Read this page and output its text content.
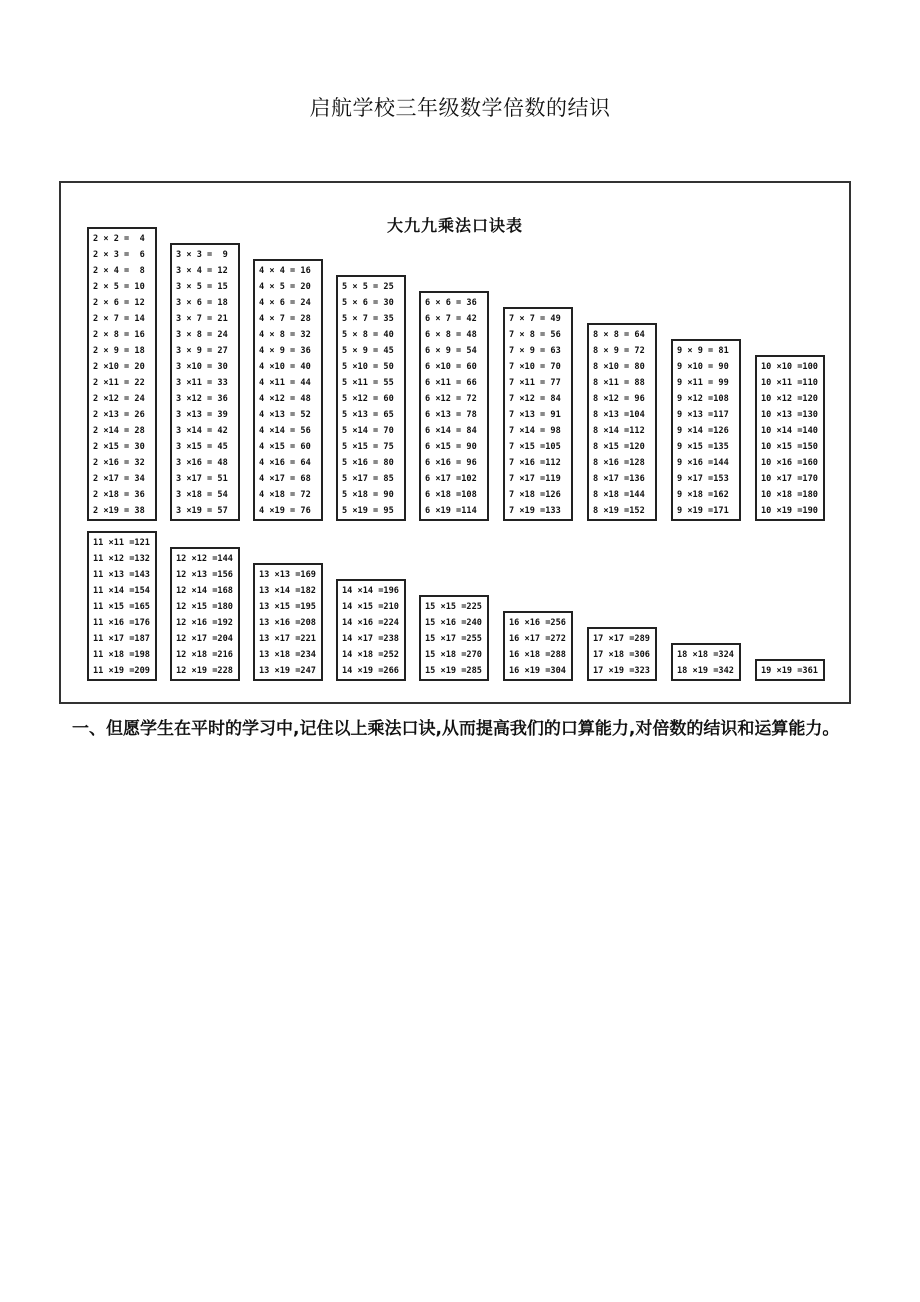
启航学校三年级数学倍数的结识
大九九乘法口诀表
2 × 2 =  4
2 × 3 =  6
2 × 4 =  8
2 × 5 = 10
2 × 6 = 12
2 × 7 = 14
2 × 8 = 16
2 × 9 = 18
2 ×10 = 20
2 ×11 = 22
2 ×12 = 24
2 ×13 = 26
2 ×14 = 28
2 ×15 = 30
2 ×16 = 32
2 ×17 = 34
2 ×18 = 36
2 ×19 = 38
3 × 3 =  9
3 × 4 = 12
3 × 5 = 15
3 × 6 = 18
3 × 7 = 21
3 × 8 = 24
3 × 9 = 27
3 ×10 = 30
3 ×11 = 33
3 ×12 = 36
3 ×13 = 39
3 ×14 = 42
3 ×15 = 45
3 ×16 = 48
3 ×17 = 51
3 ×18 = 54
3 ×19 = 57
4 × 4 = 16
4 × 5 = 20
4 × 6 = 24
4 × 7 = 28
4 × 8 = 32
4 × 9 = 36
4 ×10 = 40
4 ×11 = 44
4 ×12 = 48
4 ×13 = 52
4 ×14 = 56
4 ×15 = 60
4 ×16 = 64
4 ×17 = 68
4 ×18 = 72
4 ×19 = 76
5 × 5 = 25
5 × 6 = 30
5 × 7 = 35
5 × 8 = 40
5 × 9 = 45
5 ×10 = 50
5 ×11 = 55
5 ×12 = 60
5 ×13 = 65
5 ×14 = 70
5 ×15 = 75
5 ×16 = 80
5 ×17 = 85
5 ×18 = 90
5 ×19 = 95
6 × 6 = 36
6 × 7 = 42
6 × 8 = 48
6 × 9 = 54
6 ×10 = 60
6 ×11 = 66
6 ×12 = 72
6 ×13 = 78
6 ×14 = 84
6 ×15 = 90
6 ×16 = 96
6 ×17 =102
6 ×18 =108
6 ×19 =114
7 × 7 = 49
7 × 8 = 56
7 × 9 = 63
7 ×10 = 70
7 ×11 = 77
7 ×12 = 84
7 ×13 = 91
7 ×14 = 98
7 ×15 =105
7 ×16 =112
7 ×17 =119
7 ×18 =126
7 ×19 =133
8 × 8 = 64
8 × 9 = 72
8 ×10 = 80
8 ×11 = 88
8 ×12 = 96
8 ×13 =104
8 ×14 =112
8 ×15 =120
8 ×16 =128
8 ×17 =136
8 ×18 =144
8 ×19 =152
9 × 9 = 81
9 ×10 = 90
9 ×11 = 99
9 ×12 =108
9 ×13 =117
9 ×14 =126
9 ×15 =135
9 ×16 =144
9 ×17 =153
9 ×18 =162
9 ×19 =171
10 ×10 =100
10 ×11 =110
10 ×12 =120
10 ×13 =130
10 ×14 =140
10 ×15 =150
10 ×16 =160
10 ×17 =170
10 ×18 =180
10 ×19 =190
11 ×11 =121
11 ×12 =132
11 ×13 =143
11 ×14 =154
11 ×15 =165
11 ×16 =176
11 ×17 =187
11 ×18 =198
11 ×19 =209
12 ×12 =144
12 ×13 =156
12 ×14 =168
12 ×15 =180
12 ×16 =192
12 ×17 =204
12 ×18 =216
12 ×19 =228
13 ×13 =169
13 ×14 =182
13 ×15 =195
13 ×16 =208
13 ×17 =221
13 ×18 =234
13 ×19 =247
14 ×14 =196
14 ×15 =210
14 ×16 =224
14 ×17 =238
14 ×18 =252
14 ×19 =266
15 ×15 =225
15 ×16 =240
15 ×17 =255
15 ×18 =270
15 ×19 =285
16 ×16 =256
16 ×17 =272
16 ×18 =288
16 ×19 =304
17 ×17 =289
17 ×18 =306
17 ×19 =323
18 ×18 =324
18 ×19 =342	19 ×19 =361
一、但愿学生在平时的学习中,记住以上乘法口诀,从而提高我们的口算能力,对倍数的结识和运算能力。
